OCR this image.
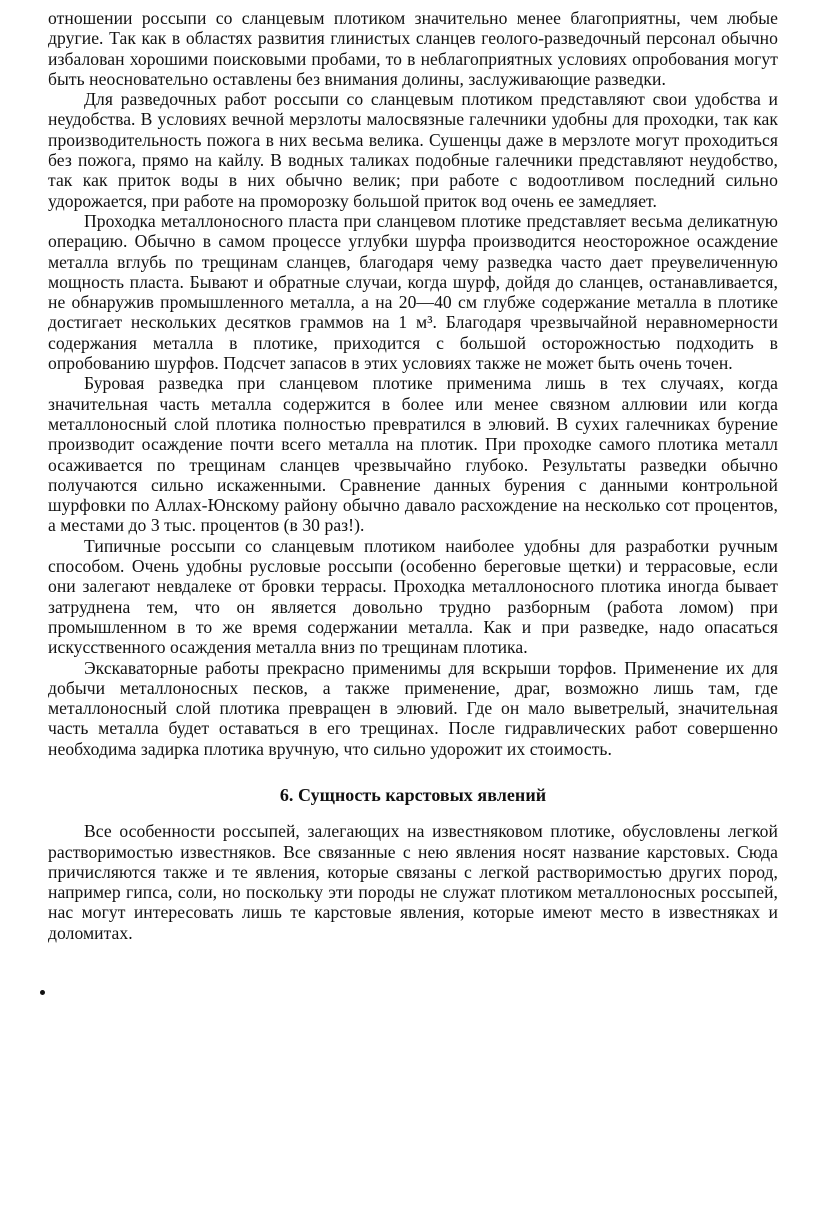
отношении россыпи со сланцевым плотиком значительно менее благоприятны, чем любые другие. Так как в областях развития глинистых сланцев геолого-разведочный персонал обычно избалован хорошими поисковыми пробами, то в неблагоприятных условиях опробования могут быть неосновательно оставлены без внимания долины, заслуживающие разведки.

Для разведочных работ россыпи со сланцевым плотиком представляют свои удобства и неудобства. В условиях вечной мерзлоты малосвязные галечники удобны для проходки, так как производительность пожога в них весьма велика. Сушенцы даже в мерзлоте могут проходиться без пожога, прямо на кайлу. В водных таликах подобные галечники представляют неудобство, так как приток воды в них обычно велик; при работе с водоотливом последний сильно удорожается, при работе на проморозку большой приток вод очень ее замедляет.

Проходка металлоносного пласта при сланцевом плотике представляет весьма деликатную операцию. Обычно в самом процессе углубки шурфа производится неосторожное осаждение металла вглубь по трещинам сланцев, благодаря чему разведка часто дает преувеличенную мощность пласта. Бывают и обратные случаи, когда шурф, дойдя до сланцев, останавливается, не обнаружив промышленного металла, а на 20—40 см глубже содержание металла в плотике достигает нескольких десятков граммов на 1 м³. Благодаря чрезвычайной неравномерности содержания металла в плотике, приходится с большой осторожностью подходить в опробованию шурфов. Подсчет запасов в этих условиях также не может быть очень точен.

Буровая разведка при сланцевом плотике применима лишь в тех случаях, когда значительная часть металла содержится в более или менее связном аллювии или когда металлоносный слой плотика полностью превратился в элювий. В сухих галечниках бурение производит осаждение почти всего металла на плотик. При проходке самого плотика металл осаживается по трещинам сланцев чрезвычайно глубоко. Результаты разведки обычно получаются сильно искаженными. Сравнение данных бурения с данными контрольной шурфовки по Аллах-Юнскому району обычно давало расхождение на несколько сот процентов, а местами до 3 тыс. процентов (в 30 раз!).

Типичные россыпи со сланцевым плотиком наиболее удобны для разработки ручным способом. Очень удобны русловые россыпи (особенно береговые щетки) и террасовые, если они залегают невдалеке от бровки террасы. Проходка металлоносного плотика иногда бывает затруднена тем, что он является довольно трудно разборным (работа ломом) при промышленном в то же время содержании металла. Как и при разведке, надо опасаться искусственного осаждения металла вниз по трещинам плотика.

Экскаваторные работы прекрасно применимы для вскрыши торфов. Применение их для добычи металлоносных песков, а также применение, драг, возможно лишь там, где металлоносный слой плотика превращен в элювий. Где он мало выветрелый, значительная часть металла будет оставаться в его трещинах. После гидравлических работ совершенно необходима задирка плотика вручную, что сильно удорожит их стоимость.

6. Сущность карстовых явлений

Все особенности россыпей, залегающих на известняковом плотике, обусловлены легкой растворимостью известняков. Все связанные с нею явления носят название карстовых. Сюда причисляются также и те явления, которые связаны с легкой растворимостью других пород, например гипса, соли, но поскольку эти породы не служат плотиком металлоносных россыпей, нас могут интересовать лишь те карстовые явления, которые имеют место в известняках и доломитах.
